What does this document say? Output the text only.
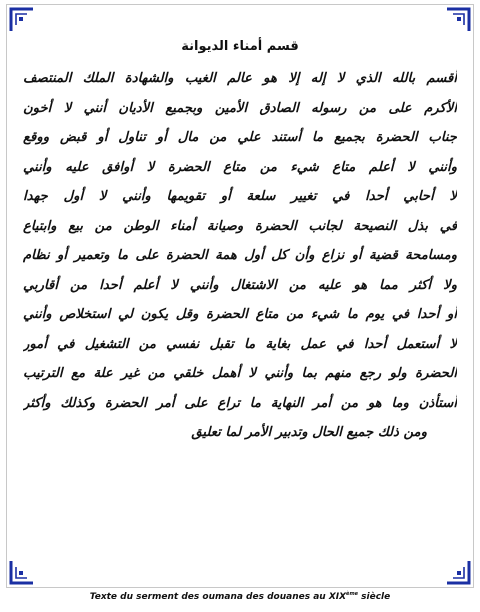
قسم أمناء الديوانة
أقسم بالله الذي لا إله إلا هو عالم الغيب والشهادة الملك المنتصف
الأكرم على من رسوله الصادق الأمين وبجميع الأديان أنني لا أخون
جناب الحضرة بجميع ما أستند علي من مال أو تناول أو قبض ووقع
وأنني لا أعلم متاع شيء من متاع الحضرة لا أوافق عليه وأنني
لا أحابي أحدا في تغيير سلعة أو تقويمها وأنني لا أول جهدا
في بذل النصيحة لجانب الحضرة وصيانة أمناء الوطن من بيع وابتياع
ومسامحة قضية أو نزاع وأن كل أول همة الحضرة على ما وتعمير أو نظام
ولا أكثر مما هو عليه من الاشتغال وأنني لا أعلم أحدا من أقاربي
أو أحدا في يوم ما شيء من متاع الحضرة وقل يكون لي استخلاص وأنني
لا أستعمل أحدا في عمل بغاية ما تقبل نفسي من التشغيل في أمور
الحضرة ولو رجع منهم بما وأنني لا أهمل خلقي من غير علة مع الترتيب
أستأذن وما هو من أمر النهاية ما تراع على أمر الحضرة وكذلك وأكثر
ومن ذلك جميع الحال وتدبير الأمر لما تعليق
Texte du serment des oumana des douanes au XIXème siècle
